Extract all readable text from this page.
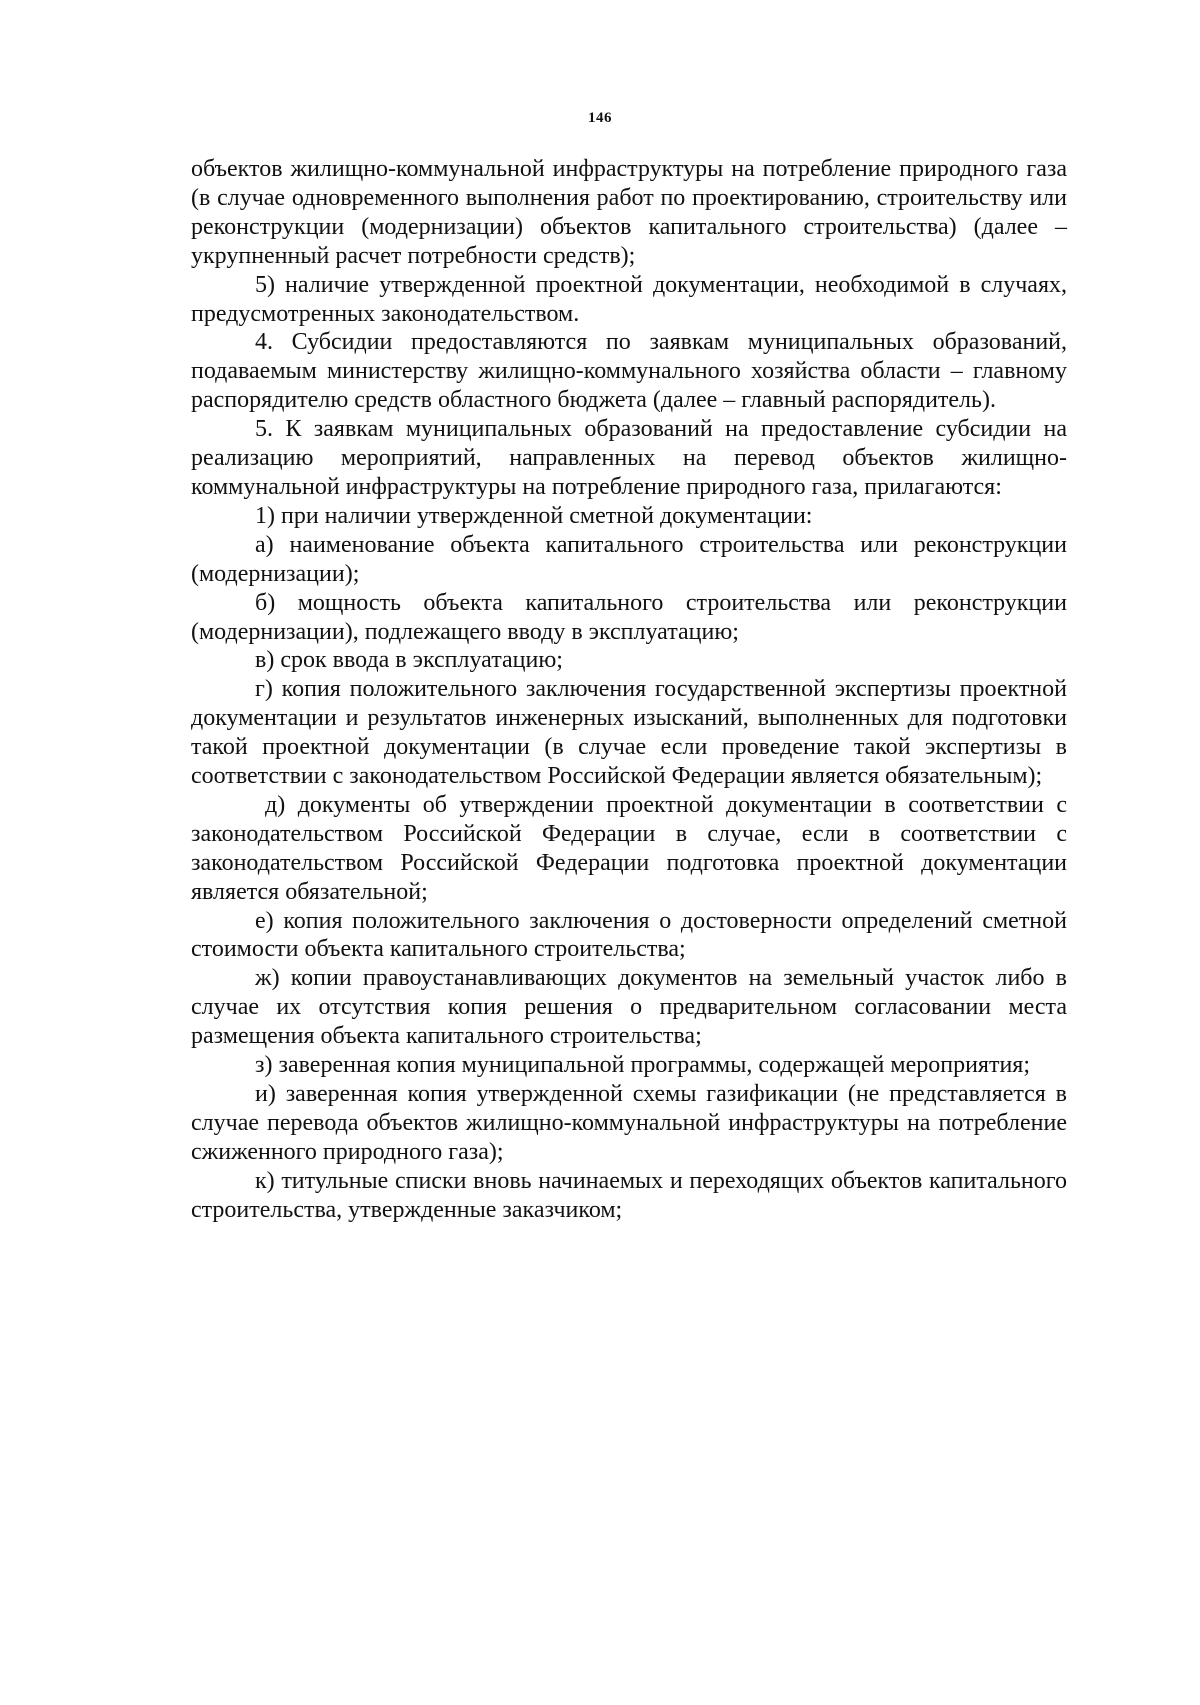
146

объектов жилищно-коммунальной инфраструктуры на потребление природного газа (в случае одновременного выполнения работ по проектированию, строительству или реконструкции (модернизации) объектов капитального строительства) (далее – укрупненный расчет потребности средств);

5) наличие утвержденной проектной документации, необходимой в случаях, предусмотренных законодательством.

4. Субсидии предоставляются по заявкам муниципальных образований, подаваемым министерству жилищно-коммунального хозяйства области – главному распорядителю средств областного бюджета (далее – главный распорядитель).

5. К заявкам муниципальных образований на предоставление субсидии на реализацию мероприятий, направленных на перевод объектов жилищно-коммунальной инфраструктуры на потребление природного газа, прилагаются:

1) при наличии утвержденной сметной документации:

а) наименование объекта капитального строительства или реконструкции (модернизации);

б) мощность объекта капитального строительства или реконструкции (модернизации), подлежащего вводу в эксплуатацию;

в) срок ввода в эксплуатацию;

г) копия положительного заключения государственной экспертизы проектной документации и результатов инженерных изысканий, выполненных для подготовки такой проектной документации (в случае если проведение такой экспертизы в соответствии с законодательством Российской Федерации является обязательным);

д) документы об утверждении проектной документации в соответствии с законодательством Российской Федерации в случае, если в соответствии с законодательством Российской Федерации подготовка проектной документации является обязательной;

е) копия положительного заключения о достоверности определений сметной стоимости объекта капитального строительства;

ж) копии правоустанавливающих документов на земельный участок либо в случае их отсутствия копия решения о предварительном согласовании места размещения объекта капитального строительства;

з) заверенная копия муниципальной программы, содержащей мероприятия;

и) заверенная копия утвержденной схемы газификации (не представляется в случае перевода объектов жилищно-коммунальной инфраструктуры на потребление сжиженного природного газа);

к) титульные списки вновь начинаемых и переходящих объектов капитального строительства, утвержденные заказчиком;
